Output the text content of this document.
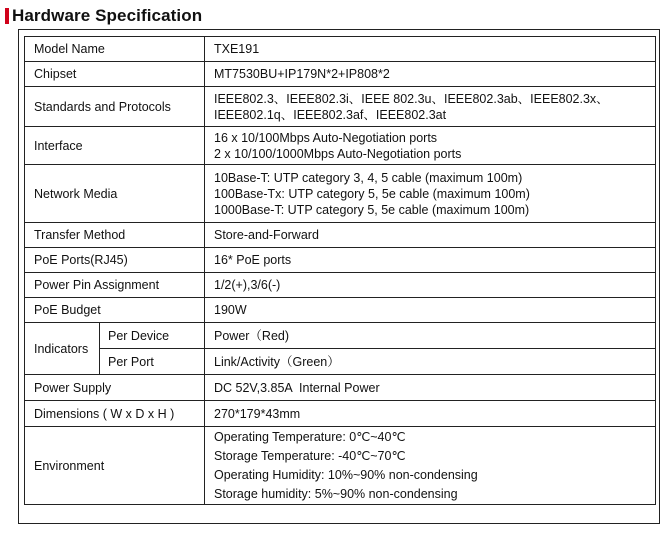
Hardware Specification
Model Name		TXE191

Chipset		MT7530BU+IP179N*2+IP808*2

Standards and Protocols		IEEE802.3、IEEE802.3i、IEEE 802.3u、IEEE802.3ab、IEEE802.3x、
IEEE802.1q、IEEE802.3af、IEEE802.3at

Interface		16 x 10/100Mbps Auto-Negotiation ports
2 x 10/100/1000Mbps Auto-Negotiation ports

Network Media		10Base-T: UTP category 3, 4, 5 cable (maximum 100m)
100Base-Tx: UTP category 5, 5e cable (maximum 100m)
1000Base-T: UTP category 5, 5e cable (maximum 100m)

Transfer Method		Store-and-Forward

PoE Ports(RJ45)		16* PoE ports

Power Pin Assignment		1/2(+),3/6(-)

PoE Budget		190W

Indicators	Per Device	Power（Red)
	Per Port	Link/Activity（Green）
Power Supply		DC 52V,3.85A  Internal Power

Dimensions ( W x D x H )		270*179*43mm

Environment		Operating Temperature: 0℃~40℃
Storage Temperature: -40℃~70℃
Operating Humidity: 10%~90% non-condensing
Storage humidity: 5%~90% non-condensing
